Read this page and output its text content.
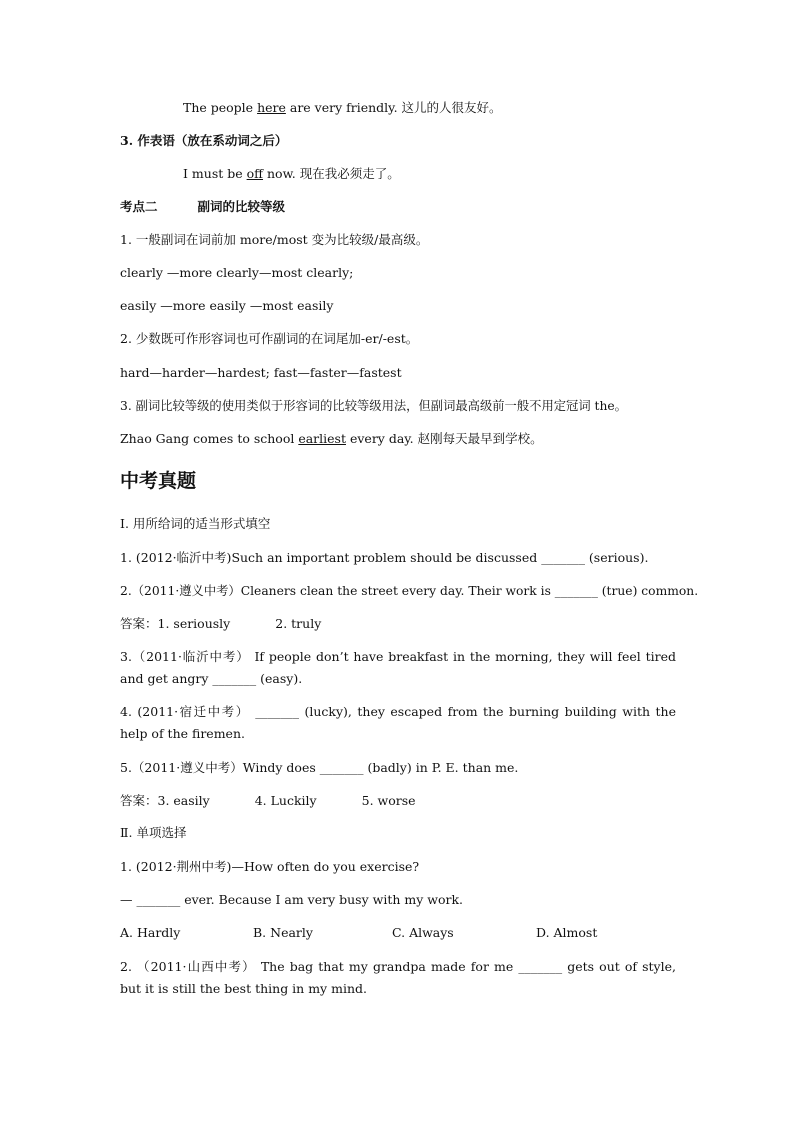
The people here are very friendly. 这儿的人很友好。
3. 作表语（放在系动词之后）
I must be off now. 现在我必须走了。
考点二	副词的比较等级
1. 一般副词在词前加 more/most 变为比较级/最高级。
clearly —more clearly—most clearly;
easily —more easily —most easily
2. 少数既可作形容词也可作副词的在词尾加-er/-est。
hard—harder—hardest; fast—faster—fastest
3. 副词比较等级的使用类似于形容词的比较等级用法，但副词最高级前一般不用定冠词 the。
Zhao Gang comes to school earliest every day. 赵刚每天最早到学校。
中考真题
Ⅰ. 用所给词的适当形式填空
1. (2012·临沂中考)Such an important problem should be discussed _______ (serious).
2.（2011·遵义中考）Cleaners clean the street every day. Their work is _______ (true) common.
答案：1. seriously	2. truly
3.（2011·临沂中考） If people don’t have breakfast in the morning, they will feel tired and get angry _______ (easy).
4. (2011·宿迁中考） _______ (lucky), they escaped from the burning building with the help of the firemen.
5.（2011·遵义中考）Windy does _______ (badly) in P. E. than me.
答案：3. easily	4. Luckily	5. worse
Ⅱ. 单项选择
1. (2012·荆州中考)—How often do you exercise?
— _______ ever. Because I am very busy with my work.
A. Hardly	B. Nearly	C. Always	D. Almost
2. （2011·山西中考） The bag that my grandpa made for me _______ gets out of style, but it is still the best thing in my mind.
